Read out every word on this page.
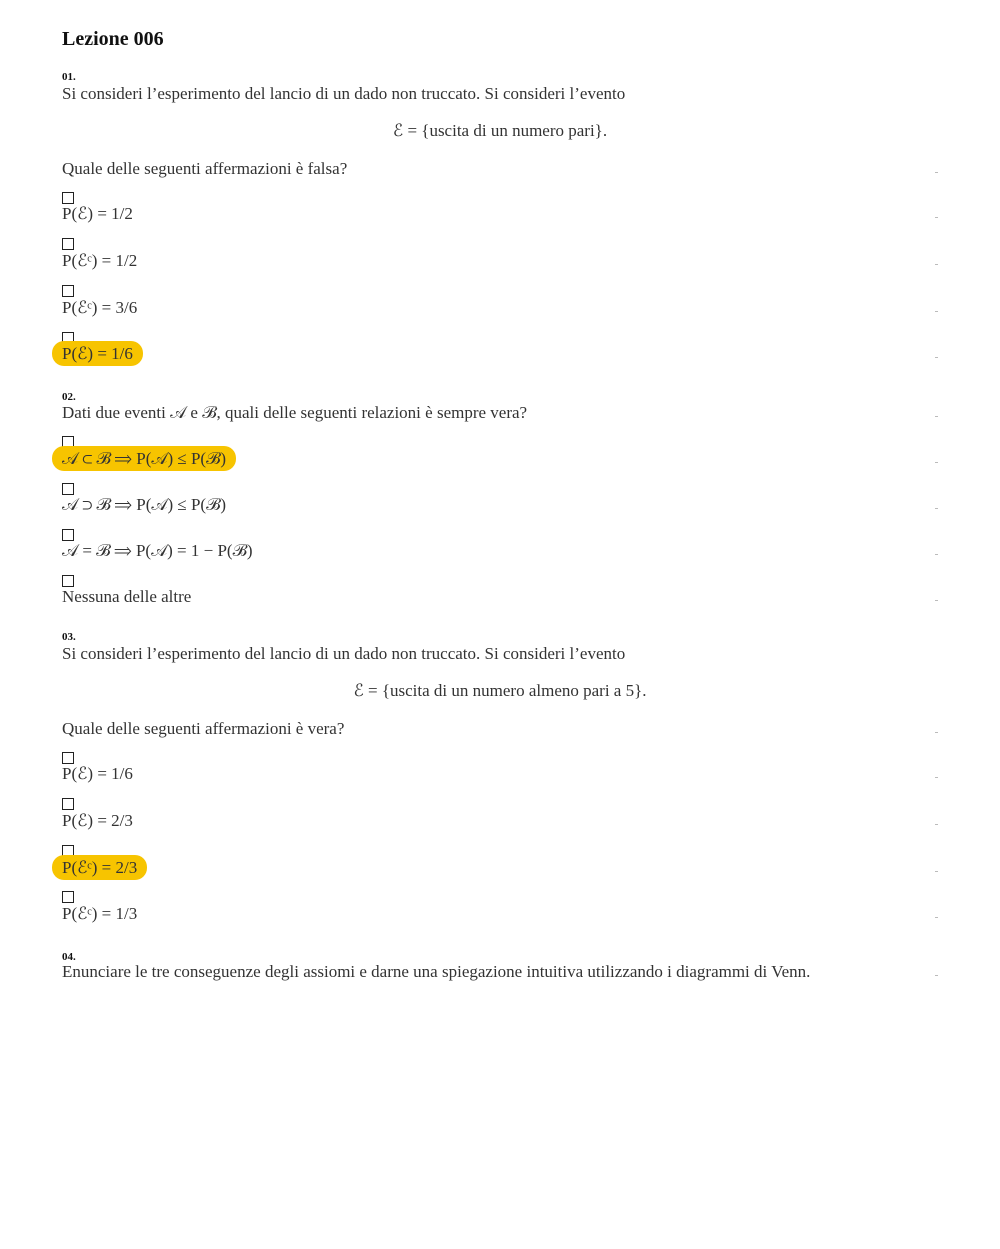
Lezione 006
01.
Si consideri l’esperimento del lancio di un dado non truccato. Si consideri l’evento
ℰ = {uscita di un numero pari}.
Quale delle seguenti affermazioni è falsa?
P(ℰ) = 1/2
P(ℰᶜ) = 1/2
P(ℰᶜ) = 3/6
P(ℰ) = 1/6
02.
Dati due eventi 𝒜 e ℬ, quali delle seguenti relazioni è sempre vera?
𝒜 ⊂ ℬ ⟹ P(𝒜) ≤ P(ℬ)
𝒜 ⊃ ℬ ⟹ P(𝒜) ≤ P(ℬ)
𝒜 = ℬ ⟹ P(𝒜) = 1 − P(ℬ)
Nessuna delle altre
03.
Si consideri l’esperimento del lancio di un dado non truccato. Si consideri l’evento
ℰ = {uscita di un numero almeno pari a 5}.
Quale delle seguenti affermazioni è vera?
P(ℰ) = 1/6
P(ℰ) = 2/3
P(ℰᶜ) = 2/3
P(ℰᶜ) = 1/3
04.
Enunciare le tre conseguenze degli assiomi e darne una spiegazione intuitiva utilizzando i diagrammi di Venn.
